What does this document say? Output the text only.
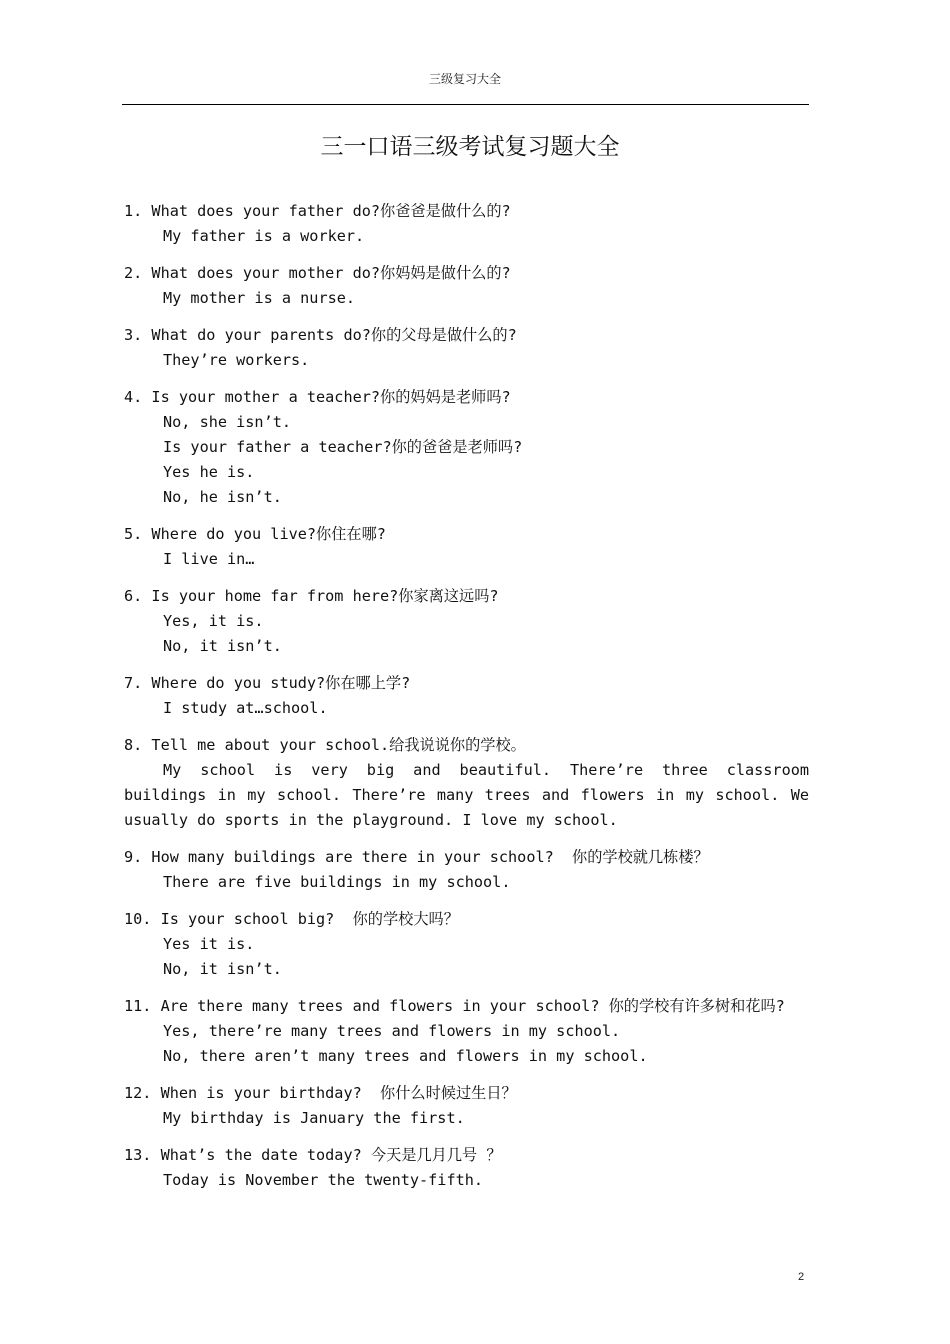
三级复习大全
三一口语三级考试复习题大全
1. What does your father do?你爸爸是做什么的?
My father is a worker.
2. What does your mother do?你妈妈是做什么的?
My mother is a nurse.
3. What do your parents do?你的父母是做什么的?
They’re workers.
4. Is your mother a teacher?你的妈妈是老师吗?
No, she isn’t.
Is your father a teacher?你的爸爸是老师吗?
Yes he is.
No, he isn’t.
5. Where do you live?你住在哪?
I live in…
6. Is your home far from here?你家离这远吗?
Yes, it is.
No, it isn’t.
7. Where do you study?你在哪上学?
I study at…school.
8. Tell me about your school.给我说说你的学校。
My school is very big and beautiful. There’re three classroom buildings in my school. There’re many trees and flowers in my school. We usually do sports in the playground. I love my school.
9. How many buildings are there in your school?  你的学校就几栋楼？
There are five buildings in my school.
10. Is your school big?  你的学校大吗？
Yes it is.
No, it isn’t.
11. Are there many trees and flowers in your school? 你的学校有许多树和花吗?
Yes, there’re many trees and flowers in my school.
No, there aren’t many trees and flowers in my school.
12. When is your birthday?  你什么时候过生日？
My birthday is January the first.
13. What’s the date today? 今天是几月几号 ？
Today is November the twenty-fifth.
2
